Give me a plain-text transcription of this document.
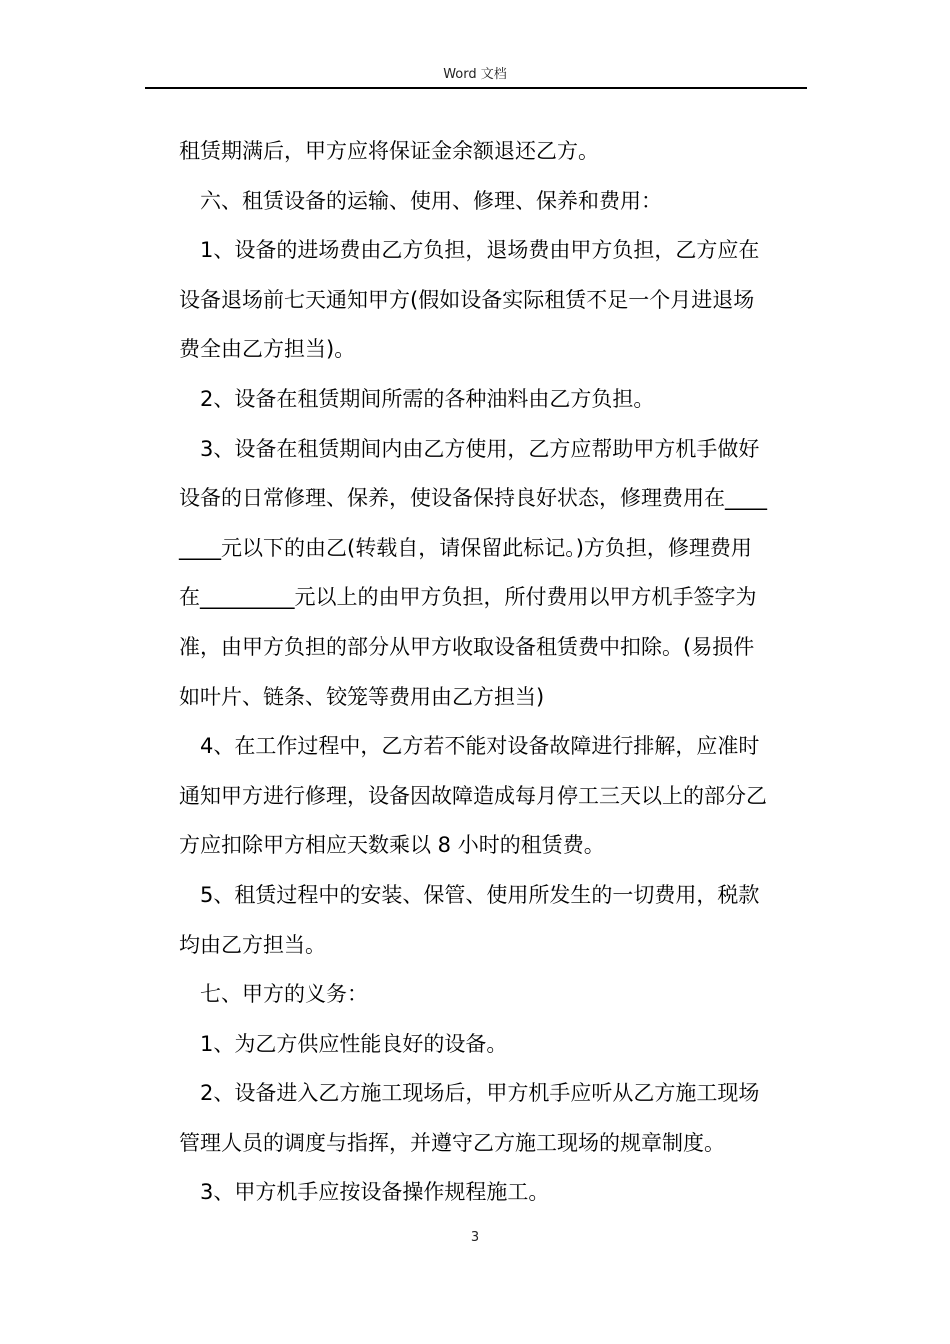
Word 文档
租赁期满后，甲方应将保证金余额退还乙方。
六、租赁设备的运输、使用、修理、保养和费用：
1、设备的进场费由乙方负担，退场费由甲方负担，乙方应在
设备退场前七天通知甲方(假如设备实际租赁不足一个月进退场
费全由乙方担当)。
2、设备在租赁期间所需的各种油料由乙方负担。
3、设备在租赁期间内由乙方使用，乙方应帮助甲方机手做好
设备的日常修理、保养，使设备保持良好状态，修理费用在____
____元以下的由乙(转载自，请保留此标记。)方负担，修理费用
在_________元以上的由甲方负担，所付费用以甲方机手签字为
准，由甲方负担的部分从甲方收取设备租赁费中扣除。(易损件
如叶片、链条、铰笼等费用由乙方担当)
4、在工作过程中，乙方若不能对设备故障进行排解，应准时
通知甲方进行修理，设备因故障造成每月停工三天以上的部分乙
方应扣除甲方相应天数乘以 8 小时的租赁费。
5、租赁过程中的安装、保管、使用所发生的一切费用，税款
均由乙方担当。
七、甲方的义务：
1、为乙方供应性能良好的设备。
2、设备进入乙方施工现场后，甲方机手应听从乙方施工现场
管理人员的调度与指挥，并遵守乙方施工现场的规章制度。
3、甲方机手应按设备操作规程施工。
3
